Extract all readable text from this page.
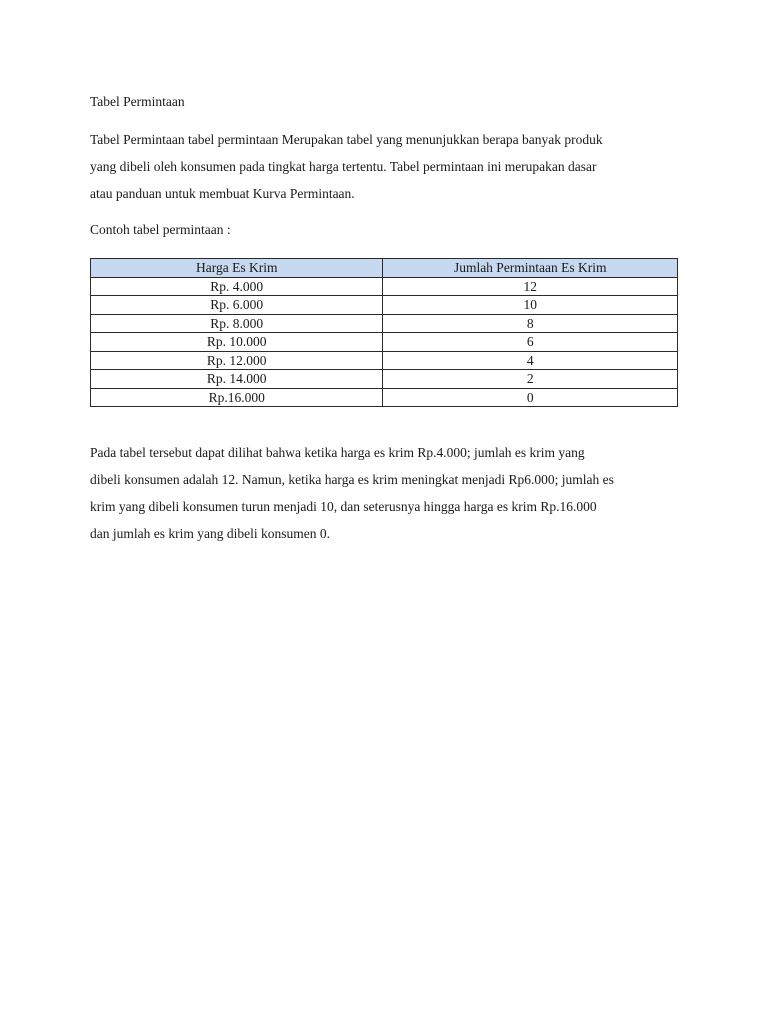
Tabel Permintaan
Tabel Permintaan tabel permintaan Merupakan tabel yang menunjukkan berapa banyak produk
yang dibeli oleh konsumen pada tingkat harga tertentu. Tabel permintaan ini merupakan dasar
atau panduan untuk membuat Kurva Permintaan.
Contoh tabel permintaan :
Harga Es Krim	Jumlah Permintaan Es Krim
Rp. 4.000	12
Rp. 6.000	10
Rp. 8.000	8
Rp. 10.000	6
Rp. 12.000	4
Rp. 14.000	2
Rp.16.000	0
Pada tabel tersebut dapat dilihat bahwa ketika harga es krim Rp.4.000; jumlah es krim yang
dibeli konsumen adalah 12. Namun, ketika harga es krim meningkat menjadi Rp6.000; jumlah es
krim yang dibeli konsumen turun menjadi 10, dan seterusnya hingga harga es krim Rp.16.000
dan jumlah es krim yang dibeli konsumen 0.
